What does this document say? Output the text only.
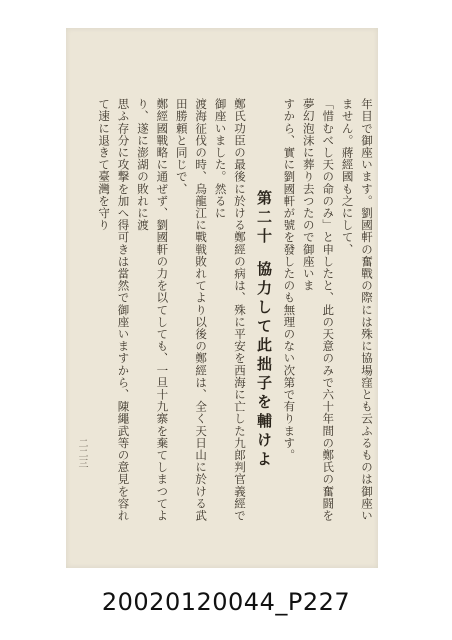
年目で御座います。劉國軒の奮戰の際には殊に協場窪とも云ふるものは御座いません。蔣經國も之にして、

「惜むべし天の命のみ」と申したと、此の天意のみで六十年間の鄭氏の奮闘を夢幻泡沫に葬り去つたので御座いま

すから、實に劉國軒が號を發したのも無理のない次第で有ります。

第二十協力して此拙子を輔けよ

鄭氏功臣の最後に於ける鄭經の病は、殊に平安を西海に亡した九郎判官義經で御座いました。然るに

渡海征伐の時、烏龍江に戰戦敗れてより以後の鄭經は、全く天日山に於ける武田勝頼と同じで、

鄭經國戰略に通ぜず、劉國軒の力を以てしても、一旦十九寨を棄てしまつてより、遂に澎湖の敗れに渡

思ふ存分に攻撃を加へ得可きは當然で御座いますから、陳繩武等の意見を容れて速に退きて臺灣を守り

二二三
20020120044_P227
